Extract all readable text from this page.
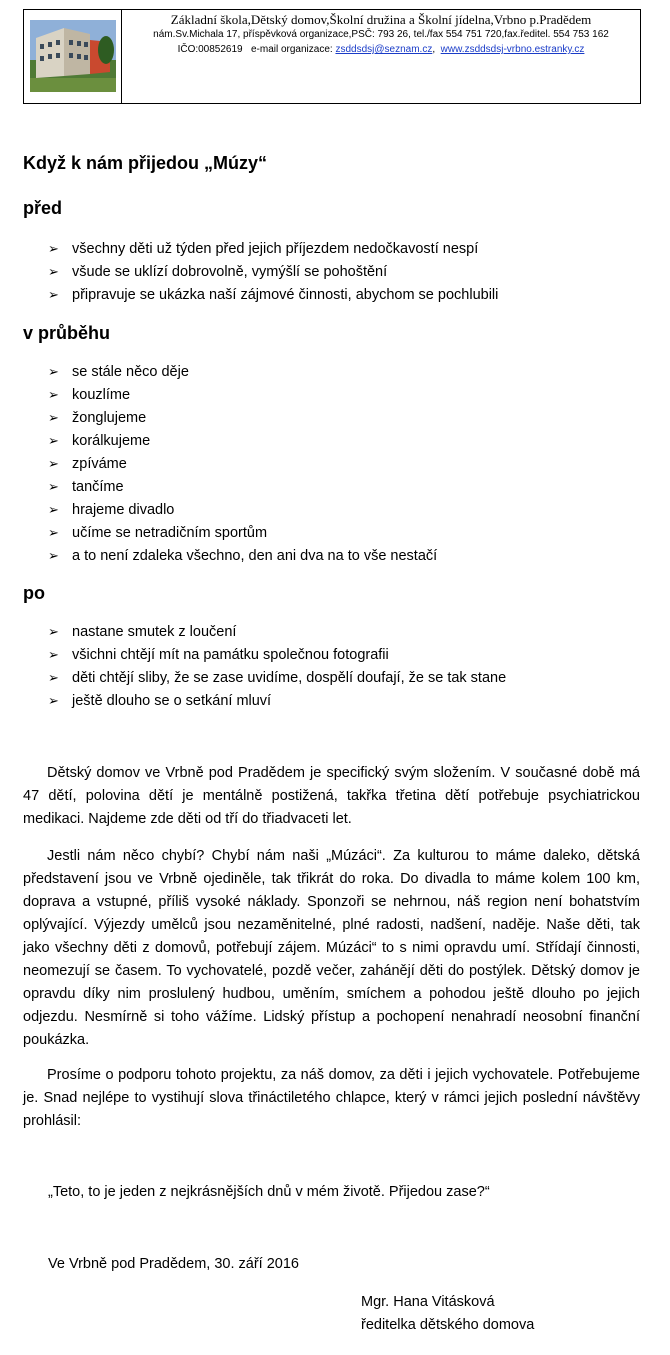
Základní škola,Dětský domov,Školní družina a Školní jídelna,Vrbno p.Pradědem
nám.Sv.Michala 17, příspěvková organizace,PSČ: 793 26, tel./fax 554 751 720,fax.ředitel. 554 753 162
IČO:00852619 e-mail organizace: zsddsdsj@seznam.cz, www.zsddsdsj-vrbno.estranky.cz
Když k nám přijedou „Múzy“
před
➢ všechny děti už týden před jejich příjezdem nedočkavostí nespí
➢ všude se uklízí dobrovolně, vymýšlí se pohoštění
➢ připravuje se ukázka naší zájmové činnosti, abychom se pochlubili
v průběhu
➢ se stále něco děje
➢ kouzlíme
➢ žonglujeme
➢ korálkujeme
➢ zpíváme
➢ tančíme
➢ hrajeme divadlo
➢ učíme se netradičním sportům
➢ a to není zdaleka všechno, den ani dva na to vše nestačí
po
➢ nastane smutek z loučení
➢ všichni chtějí mít na památku společnou fotografii
➢ děti chtějí sliby, že se zase uvidíme, dospělí doufají, že se tak stane
➢ ještě dlouho se o setkání mluví

Dětský domov ve Vrbně pod Pradědem je specifický svým složením. V současné době má 47 dětí, polovina dětí je mentálně postižená, takřka třetina dětí potřebuje psychiatrickou medikaci. Najdeme zde děti od tří do třiadvaceti let.

Jestli nám něco chybí? Chybí nám naši „Múzáci“. Za kulturou to máme daleko, dětská představení jsou ve Vrbně ojediněle, tak třikrát do roka. Do divadla to máme kolem 100 km, doprava a vstupné, příliš vysoké náklady. Sponzoři se nehrnou, náš region není bohatstvím oplývající. Výjezdy umělců jsou nezaměnitelné, plné radosti, nadšení, naděje. Naše děti, tak jako všechny děti z domovů, potřebují zájem. Múzáci“ to s nimi opravdu umí. Střídají činnosti, neomezují se časem. To vychovatelé, pozdě večer, zahánějí děti do postýlek. Dětský domov je opravdu díky nim proslulený hudbou, uměním, smíchem a pohodou ještě dlouho po jejich odjezdu. Nesmírně si toho vážíme. Lidský přístup a pochopení nenahradí neosobní finanční poukázka.

Prosíme o podporu tohoto projektu, za náš domov, za děti i jejich vychovatele. Potřebujeme je. Snad nejlépe to vystihují slova třináctiletého chlapce, který v rámci jejich poslední návštěvy prohlásil:

„Teto, to je jeden z nejkrásnějších dnů v mém životě. Přijedou zase?“
Ve Vrbně pod Pradědem, 30. září 2016
Mgr. Hana Vitásková
ředitelka dětského domova
